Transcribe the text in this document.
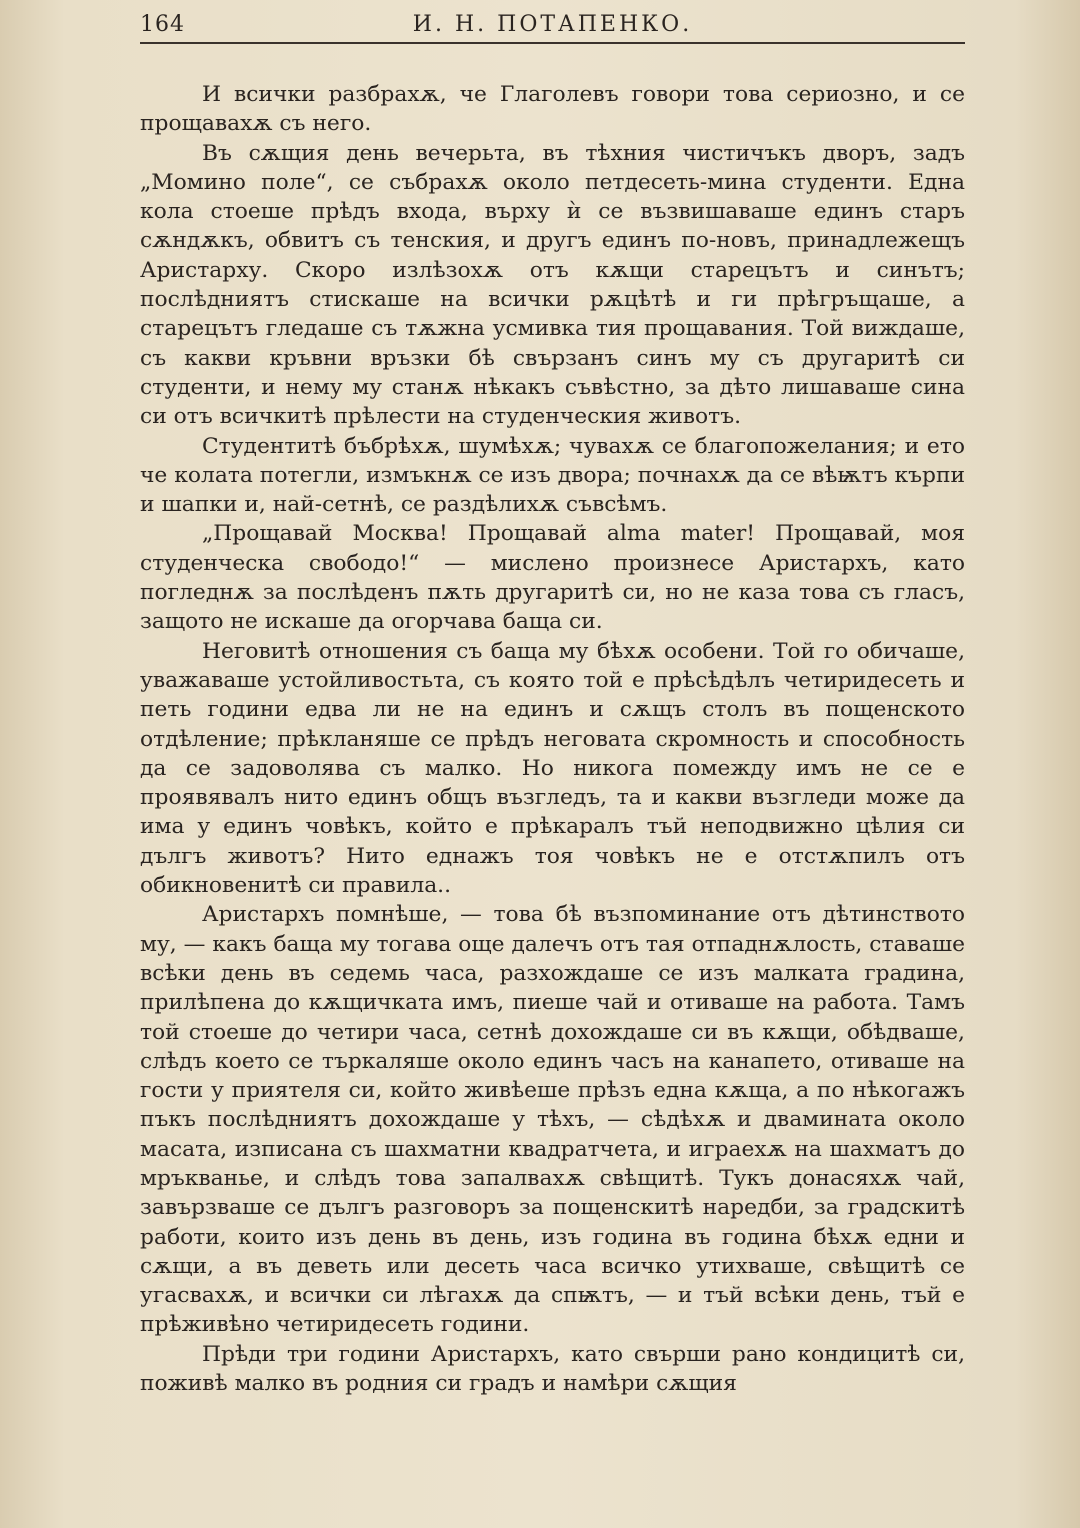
164	И. Н. ПОТАПЕНКО.

И всички разбрахѫ, че Глаголевъ говори това сериозно, и се прощавахѫ съ него.

Въ сѫщия день вечерьта, въ тѣхния чистичъкъ дворъ, задъ „Момино поле“, се събрахѫ около петдесеть-мина студенти. Една кола стоеше прѣдъ входа, върху ѝ се възвишаваше единъ старъ сѫндѫкъ, обвитъ съ тенския, и другъ единъ по-новъ, принадлежещъ Аристарху. Скоро излѣзохѫ отъ кѫщи старецътъ и синътъ; послѣдниятъ стискаше на всички рѫцѣтѣ и ги прѣгръщаше, а старецътъ гледаше съ тѫжна усмивка тия прощавания. Той виждаше, съ какви кръвни връзки бѣ свързанъ синъ му съ другаритѣ си студенти, и нему му станѫ нѣкакъ съвѣстно, за дѣто лишаваше сина си отъ всичкитѣ прѣлести на студенческия животъ.

Студентитѣ бъбрѣхѫ, шумѣхѫ; чувахѫ се благопожелания; и ето че колата потегли, измъкнѫ се изъ двора; почнахѫ да се вѣѭтъ кърпи и шапки и, най-сетнѣ, се раздѣлихѫ съвсѣмъ.

„Прощавай Москва! Прощавай alma mater! Прощавай, моя студенческа свободо!“ — мислено произнесе Аристархъ, като погледнѫ за послѣденъ пѫть другаритѣ си, но не каза това съ гласъ, защото не искаше да огорчава баща си.

Неговитѣ отношения съ баща му бѣхѫ особени. Той го обичаше, уважаваше устойливостьта, съ която той е прѣсѣдѣлъ четиридесеть и петь години едва ли не на единъ и сѫщъ столъ въ пощенското отдѣление; прѣкланяше се прѣдъ неговата скромность и способность да се задоволява съ малко. Но никога помежду имъ не се е проявявалъ нито единъ общъ възгледъ, та и какви възгледи може да има у единъ човѣкъ, който е прѣкаралъ тъй неподвижно цѣлия си дългъ животъ? Нито еднажъ тоя човѣкъ не е отстѫпилъ отъ обикновенитѣ си правила..

Аристархъ помнѣше, — това бѣ възпоминание отъ дѣтинството му, — какъ баща му тогава още далечъ отъ тая отпаднѫлость, ставаше всѣки день въ седемь часа, разхождаше се изъ малката градина, прилѣпена до кѫщичката имъ, пиеше чай и отиваше на работа. Тамъ той стоеше до четири часа, сетнѣ дохождаше си въ кѫщи, обѣдваше, слѣдъ което се търкаляше около единъ часъ на канапето, отиваше на гости у приятеля си, който живѣеше прѣзъ една кѫща, а по нѣкогажъ пъкъ послѣдниятъ дохождаше у тѣхъ, — сѣдѣхѫ и двамината около масата, изписана съ шахматни квадратчета, и играехѫ на шахматъ до мръкванье, и слѣдъ това запалвахѫ свѣщитѣ. Тукъ донасяхѫ чай, завързваше се дългъ разговоръ за пощенскитѣ наредби, за градскитѣ работи, които изъ день въ день, изъ година въ година бѣхѫ едни и сѫщи, а въ деветь или десеть часа всичко утихваше, свѣщитѣ се угасвахѫ, и всички си лѣгахѫ да спѭтъ, — и тъй всѣки день, тъй е прѣживѣно четиридесеть години.

Прѣди три години Аристархъ, като свърши рано кондицитѣ си, поживѣ малко въ родния си градъ и намѣри сѫщия
